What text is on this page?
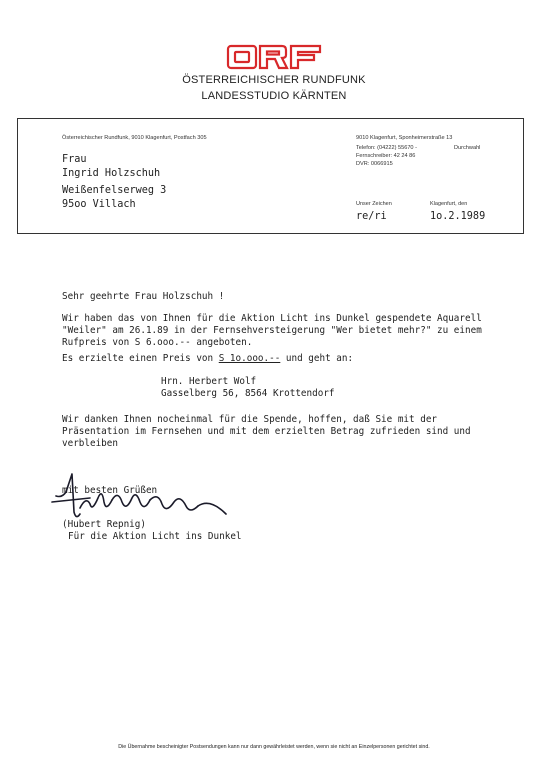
ÖSTERREICHISCHER RUNDFUNK
LANDESSTUDIO KÄRNTEN
Österreichischer Rundfunk, 9010 Klagenfurt, Postfach 305	9010 Klagenfurt, Sponheimerstraße 13
Telefon: (04222) 55670 -	Durchwahl
Fernschreiber: 42 24 86
DVR: 0066915
Frau
Ingrid Holzschuh
Weißenfelserweg 3
95oo Villach	Unser Zeichen	Klagenfurt, den
re/ri	1o.2.1989
Sehr geehrte Frau Holzschuh !
Wir haben das von Ihnen für die Aktion Licht ins Dunkel gespendete Aquarell
"Weiler" am 26.1.89 in der Fernsehversteigerung "Wer bietet mehr?" zu einem
Rufpreis von S 6.ooo.-- angeboten.
Es erzielte einen Preis von S 1o.ooo.-- und geht an:
Hrn. Herbert Wolf
Gasselberg 56, 8564 Krottendorf
Wir danken Ihnen nocheinmal für die Spende, hoffen, daß Sie mit der
Präsentation im Fernsehen und mit dem erzielten Betrag zufrieden sind und
verbleiben
mit besten Grüßen
(Hubert Repnig)
Für die Aktion Licht ins Dunkel
Die Übernahme bescheinigter Postsendungen kann nur dann gewährleistet werden, wenn sie nicht an Einzelpersonen gerichtet sind.
